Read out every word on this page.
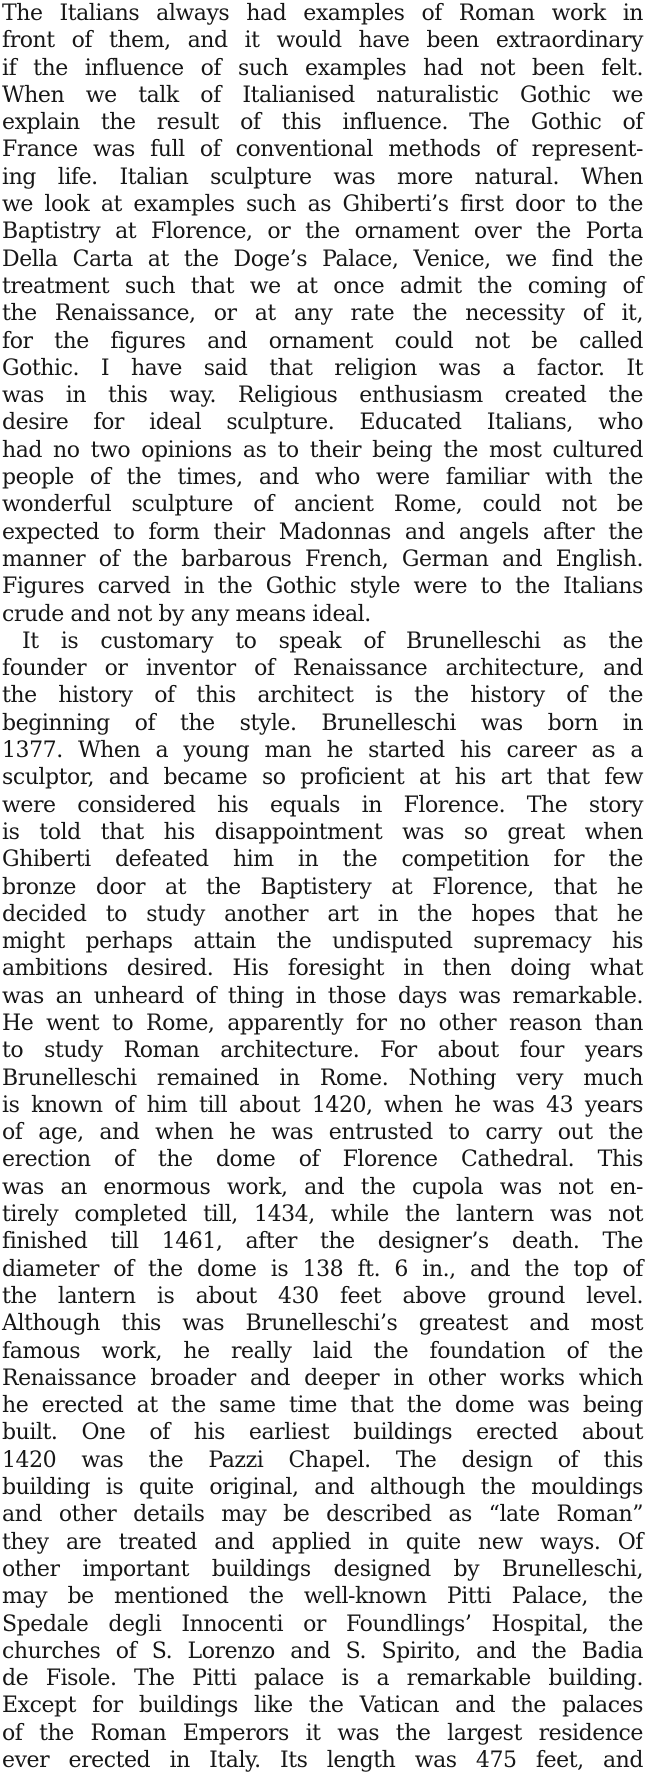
The Italians always had examples of Roman work in
front of them, and it would have been extraordinary
if the influence of such examples had not been felt.
When we talk of Italianised naturalistic Gothic we
explain the result of this influence. The Gothic of
France was full of conventional methods of represent-
ing life. Italian sculpture was more natural. When
we look at examples such as Ghiberti’s first door to the
Baptistry at Florence, or the ornament over the Porta
Della Carta at the Doge’s Palace, Venice, we find the
treatment such that we at once admit the coming of
the Renaissance, or at any rate the necessity of it,
for the figures and ornament could not be called
Gothic. I have said that religion was a factor. It
was in this way. Religious enthusiasm created the
desire for ideal sculpture. Educated Italians, who
had no two opinions as to their being the most cultured
people of the times, and who were familiar with the
wonderful sculpture of ancient Rome, could not be
expected to form their Madonnas and angels after the
manner of the barbarous French, German and English.
Figures carved in the Gothic style were to the Italians
crude and not by any means ideal.
It is customary to speak of Brunelleschi as the
founder or inventor of Renaissance architecture, and
the history of this architect is the history of the
beginning of the style. Brunelleschi was born in
1377. When a young man he started his career as a
sculptor, and became so proficient at his art that few
were considered his equals in Florence. The story
is told that his disappointment was so great when
Ghiberti defeated him in the competition for the
bronze door at the Baptistery at Florence, that he
decided to study another art in the hopes that he
might perhaps attain the undisputed supremacy his
ambitions desired. His foresight in then doing what
was an unheard of thing in those days was remarkable.
He went to Rome, apparently for no other reason than
to study Roman architecture. For about four years
Brunelleschi remained in Rome. Nothing very much
is known of him till about 1420, when he was 43 years
of age, and when he was entrusted to carry out the
erection of the dome of Florence Cathedral. This
was an enormous work, and the cupola was not en-
tirely completed till, 1434, while the lantern was not
finished till 1461, after the designer’s death. The
diameter of the dome is 138 ft. 6 in., and the top of
the lantern is about 430 feet above ground level.
Although this was Brunelleschi’s greatest and most
famous work, he really laid the foundation of the
Renaissance broader and deeper in other works which
he erected at the same time that the dome was being
built. One of his earliest buildings erected about
1420 was the Pazzi Chapel. The design of this
building is quite original, and although the mouldings
and other details may be described as “late Roman”
they are treated and applied in quite new ways. Of
other important buildings designed by Brunelleschi,
may be mentioned the well-known Pitti Palace, the
Spedale degli Innocenti or Foundlings’ Hospital, the
churches of S. Lorenzo and S. Spirito, and the Badia
de Fisole. The Pitti palace is a remarkable building.
Except for buildings like the Vatican and the palaces
of the Roman Emperors it was the largest residence
ever erected in Italy. Its length was 475 feet, and
